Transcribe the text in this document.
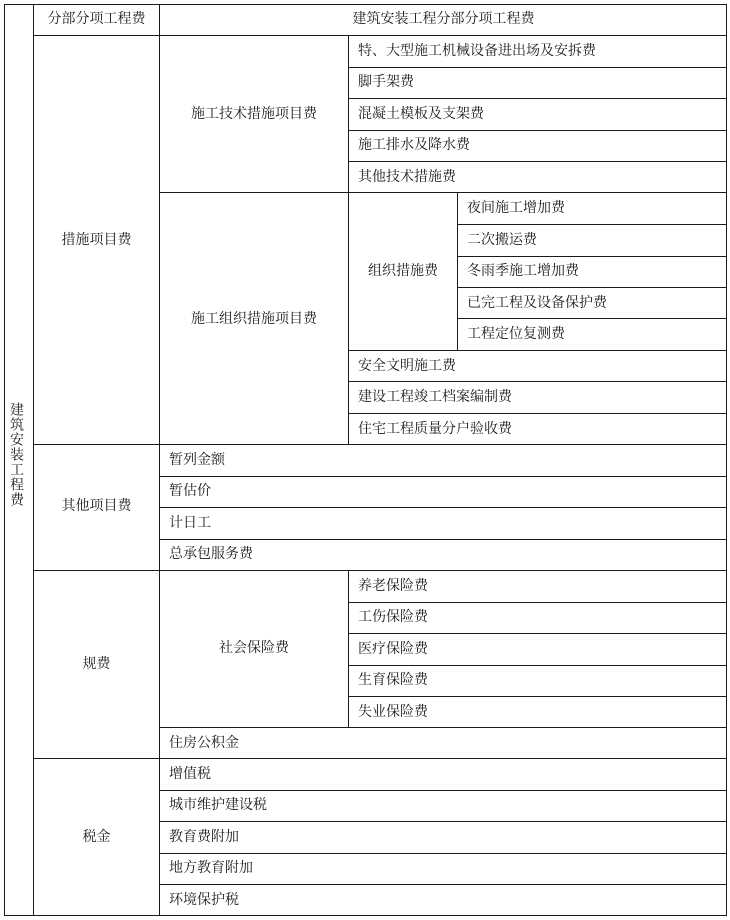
建筑安装工程费
分部分项工程费	建筑安装工程分部分项工程费
措施项目费
施工技术措施项目费
特、大型施工机械设备进出场及安拆费
脚手架费
混凝土模板及支架费
施工排水及降水费
其他技术措施费
施工组织措施项目费
组织措施费
夜间施工增加费
二次搬运费
冬雨季施工增加费
已完工程及设备保护费
工程定位复测费
安全文明施工费
建设工程竣工档案编制费
住宅工程质量分户验收费
其他项目费
暂列金额
暂估价
计日工
总承包服务费
规费
社会保险费
养老保险费
工伤保险费
医疗保险费
生育保险费
失业保险费
住房公积金
税金
增值税
城市维护建设税
教育费附加
地方教育附加
环境保护税
